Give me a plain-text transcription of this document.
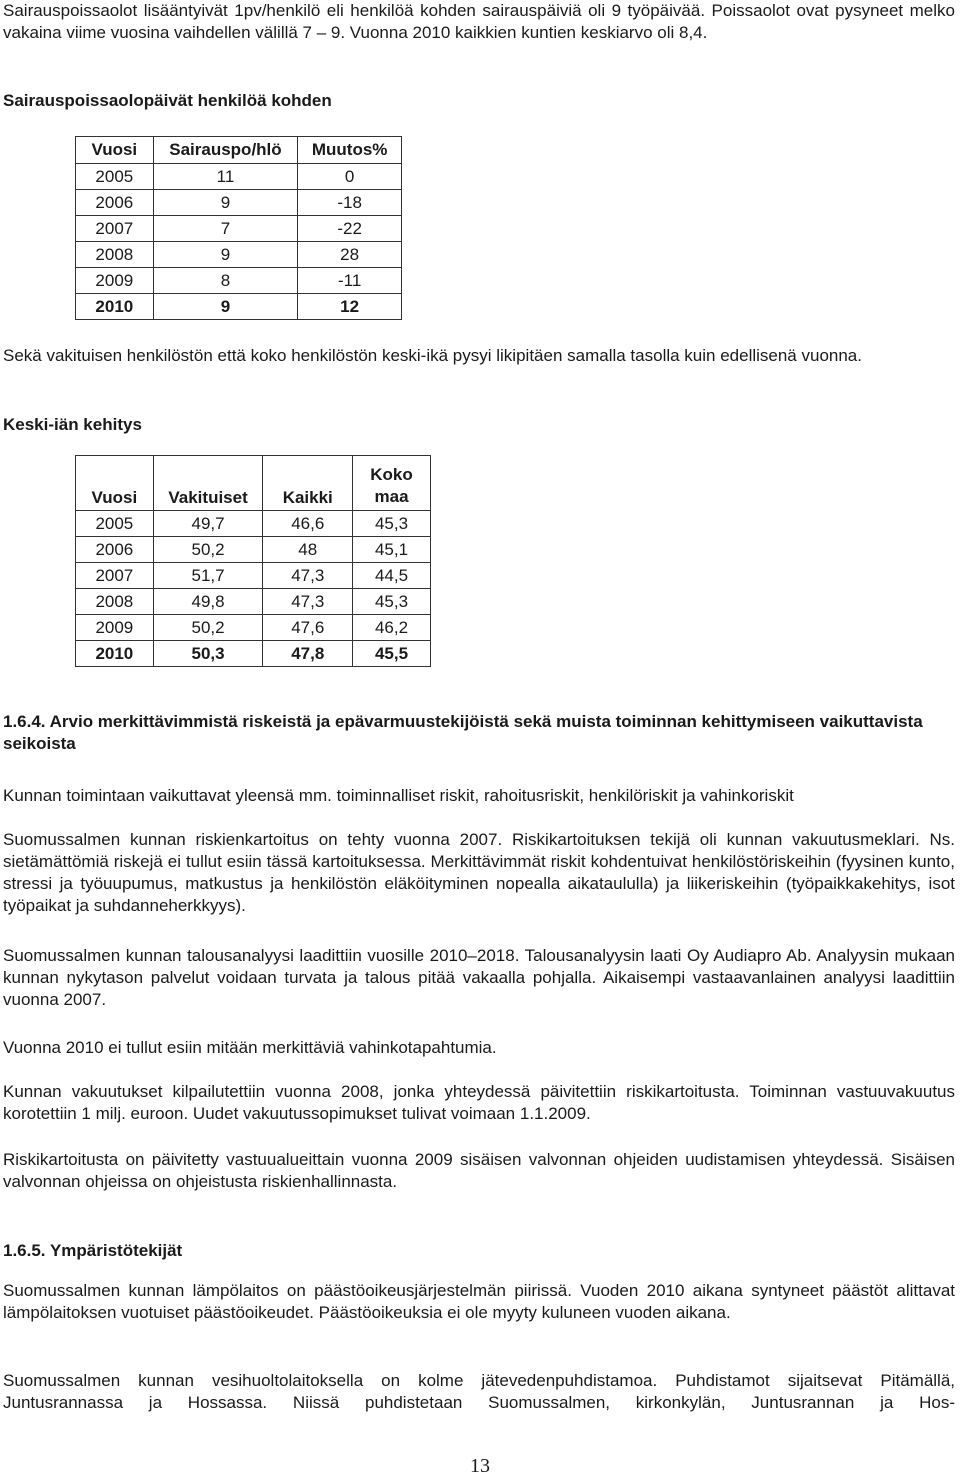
Sairauspoissaolot lisääntyivät 1pv/henkilö eli henkilöä kohden sairauspäiviä oli 9 työpäivää. Poissaolot ovat pysyneet melko vakaina viime vuosina vaihdellen välillä 7 – 9. Vuonna 2010 kaikkien kuntien keskiarvo oli 8,4.

Sairauspoissaolopäivät henkilöä kohden

Vuosi	Sairauspo/hlö	Muutos%
2005	11	0
2006	9	-18
2007	7	-22
2008	9	28
2009	8	-11
2010	9	12

Sekä vakituisen henkilöstön että koko henkilöstön keski-ikä pysyi likipitäen samalla tasolla kuin edellisenä vuonna.

Keski-iän kehitys

Vuosi	Vakituiset	Kaikki	Koko maa
2005	49,7	46,6	45,3
2006	50,2	48	45,1
2007	51,7	47,3	44,5
2008	49,8	47,3	45,3
2009	50,2	47,6	46,2
2010	50,3	47,8	45,5

1.6.4. Arvio merkittävimmistä riskeistä ja epävarmuustekijöistä sekä muista toiminnan kehittymiseen vaikuttavista seikoista

Kunnan toimintaan vaikuttavat yleensä mm. toiminnalliset riskit, rahoitusriskit, henkilöriskit ja vahinkoriskit

Suomussalmen kunnan riskienkartoitus on tehty vuonna 2007. Riskikartoituksen tekijä oli kunnan vakuutusmeklari. Ns. sietämättömiä riskejä ei tullut esiin tässä kartoituksessa. Merkittävimmät riskit kohdentuivat henkilöstöriskeihin (fyysinen kunto, stressi ja työuupumus, matkustus ja henkilöstön eläköityminen nopealla aikataululla) ja liikeriskeihin (työpaikkakehitys, isot työpaikat ja suhdanneherkkyys).

Suomussalmen kunnan talousanalyysi laadittiin vuosille 2010–2018. Talousanalyysin laati Oy Audiapro Ab. Analyysin mukaan kunnan nykytason palvelut voidaan turvata ja talous pitää vakaalla pohjalla. Aikaisempi vastaavanlainen analyysi laadittiin vuonna 2007.

Vuonna 2010 ei tullut esiin mitään merkittäviä vahinkotapahtumia.

Kunnan vakuutukset kilpailutettiin vuonna 2008, jonka yhteydessä päivitettiin riskikartoitusta. Toiminnan vastuuvakuutus korotettiin 1 milj. euroon. Uudet vakuutussopimukset tulivat voimaan 1.1.2009.

Riskikartoitusta on päivitetty vastuualueittain vuonna 2009 sisäisen valvonnan ohjeiden uudistamisen yhteydessä. Sisäisen valvonnan ohjeissa on ohjeistusta riskienhallinnasta.

1.6.5. Ympäristötekijät

Suomussalmen kunnan lämpölaitos on päästöoikeusjärjestelmän piirissä. Vuoden 2010 aikana syntyneet päästöt alittavat lämpölaitoksen vuotuiset päästöoikeudet. Päästöoikeuksia ei ole myyty kuluneen vuoden aikana.

Suomussalmen kunnan vesihuoltolaitoksella on kolme jätevedenpuhdistamoa. Puhdistamot sijaitsevat Pitämällä, Juntusrannassa ja Hossassa. Niissä puhdistetaan Suomussalmen, kirkonkylän, Juntusrannan ja Hos-

13
